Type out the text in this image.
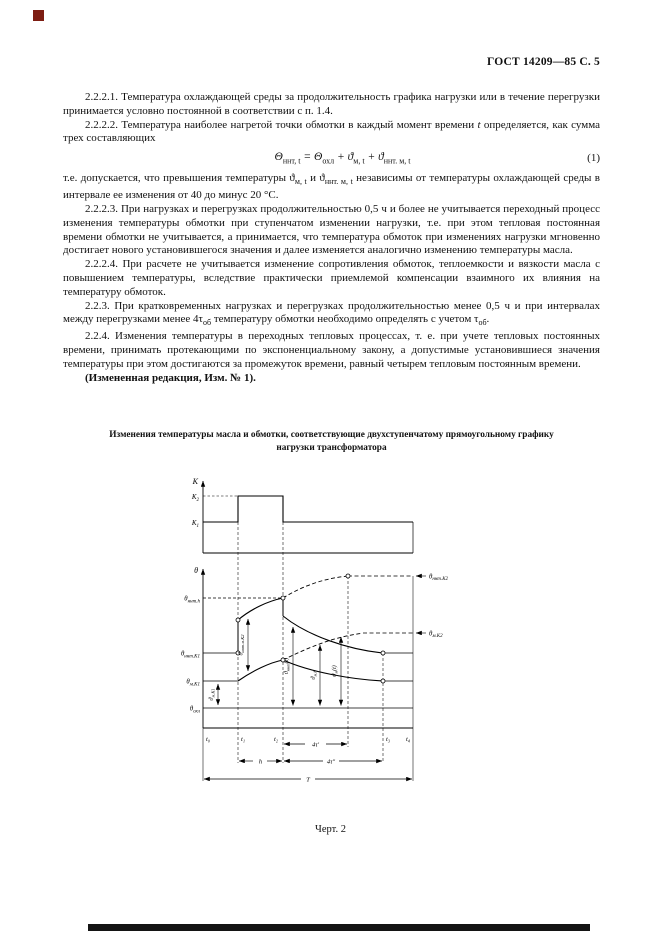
ГОСТ 14209—85 С. 5

2.2.2.1. Температура охлаждающей среды за продолжительность графика нагрузки или в течение перегрузки принимается условно постоянной в соответствии с п. 1.4.

2.2.2.2. Температура наиболее нагретой точки обмотки в каждый момент времени t определяется, как сумма трех составляющих

$\Theta_{ннт, t} = \Theta_{охл} + ϑ_{м, t} + ϑ_{ннт. м, t}$	(1)

т.е. допускается, что превышения температуры $ϑ_{м, t}$ и $ϑ_{ннт. м, t}$ независимы от температуры охлаждающей среды в интервале ее изменения от 40 до минус 20 °С.

2.2.2.3. При нагрузках и перегрузках продолжительностью 0,5 ч и более не учитывается переходный процесс изменения температуры обмотки при ступенчатом изменении нагрузки, т.е. при этом тепловая постоянная времени обмотки не учитывается, а принимается, что температура обмоток при изменениях нагрузки мгновенно достигает нового установившегося значения и далее изменяется аналогично изменению температуры масла.

2.2.2.4. При расчете не учитывается изменение сопротивления обмоток, теплоемкости и вязкости масла с повышением температуры, вследствие практически приемлемой компенсации взаимного их влияния на температуру обмоток.

2.2.3. При кратковременных нагрузках и перегрузках продолжительностью менее 0,5 ч и при интервалах между перегрузками менее $4\tau_{об}$ температуру обмотки необходимо определять с учетом $\tau_{об}$.

2.2.4. Изменения температуры в переходных тепловых процессах, т. е. при учете тепловых постоянных времени, принимать протекающими по экспоненциальному закону, а допустимые установившиеся значения температуры при этом достигаются за промежуток времени, равный четырем тепловым постоянным времени.

(Измененная редакция, Изм. № 1).

Изменения температуры масла и обмотки, соответствующие двухступенчатому прямоугольному графику
нагрузки трансформатора
K
θ
$K_2$
$K_1$
$\theta_{ннт.h}$
$\theta_{ннт.К1}$
$\theta_{м.К1}$
$\theta_{охл}$
$\theta_{ннт.К2}$
$\theta_{м.К2}$
$ϑ_{м.К1}$
$ϑ_{ннт.м.К2}$
$ϑ_{ннт}(t)$
$ϑ_{м.h}$ $ϑ_м(t)$
t₀	t₁	t₂	t₃ t₄
4τ′
h	4τ″
T
Черт. 2
